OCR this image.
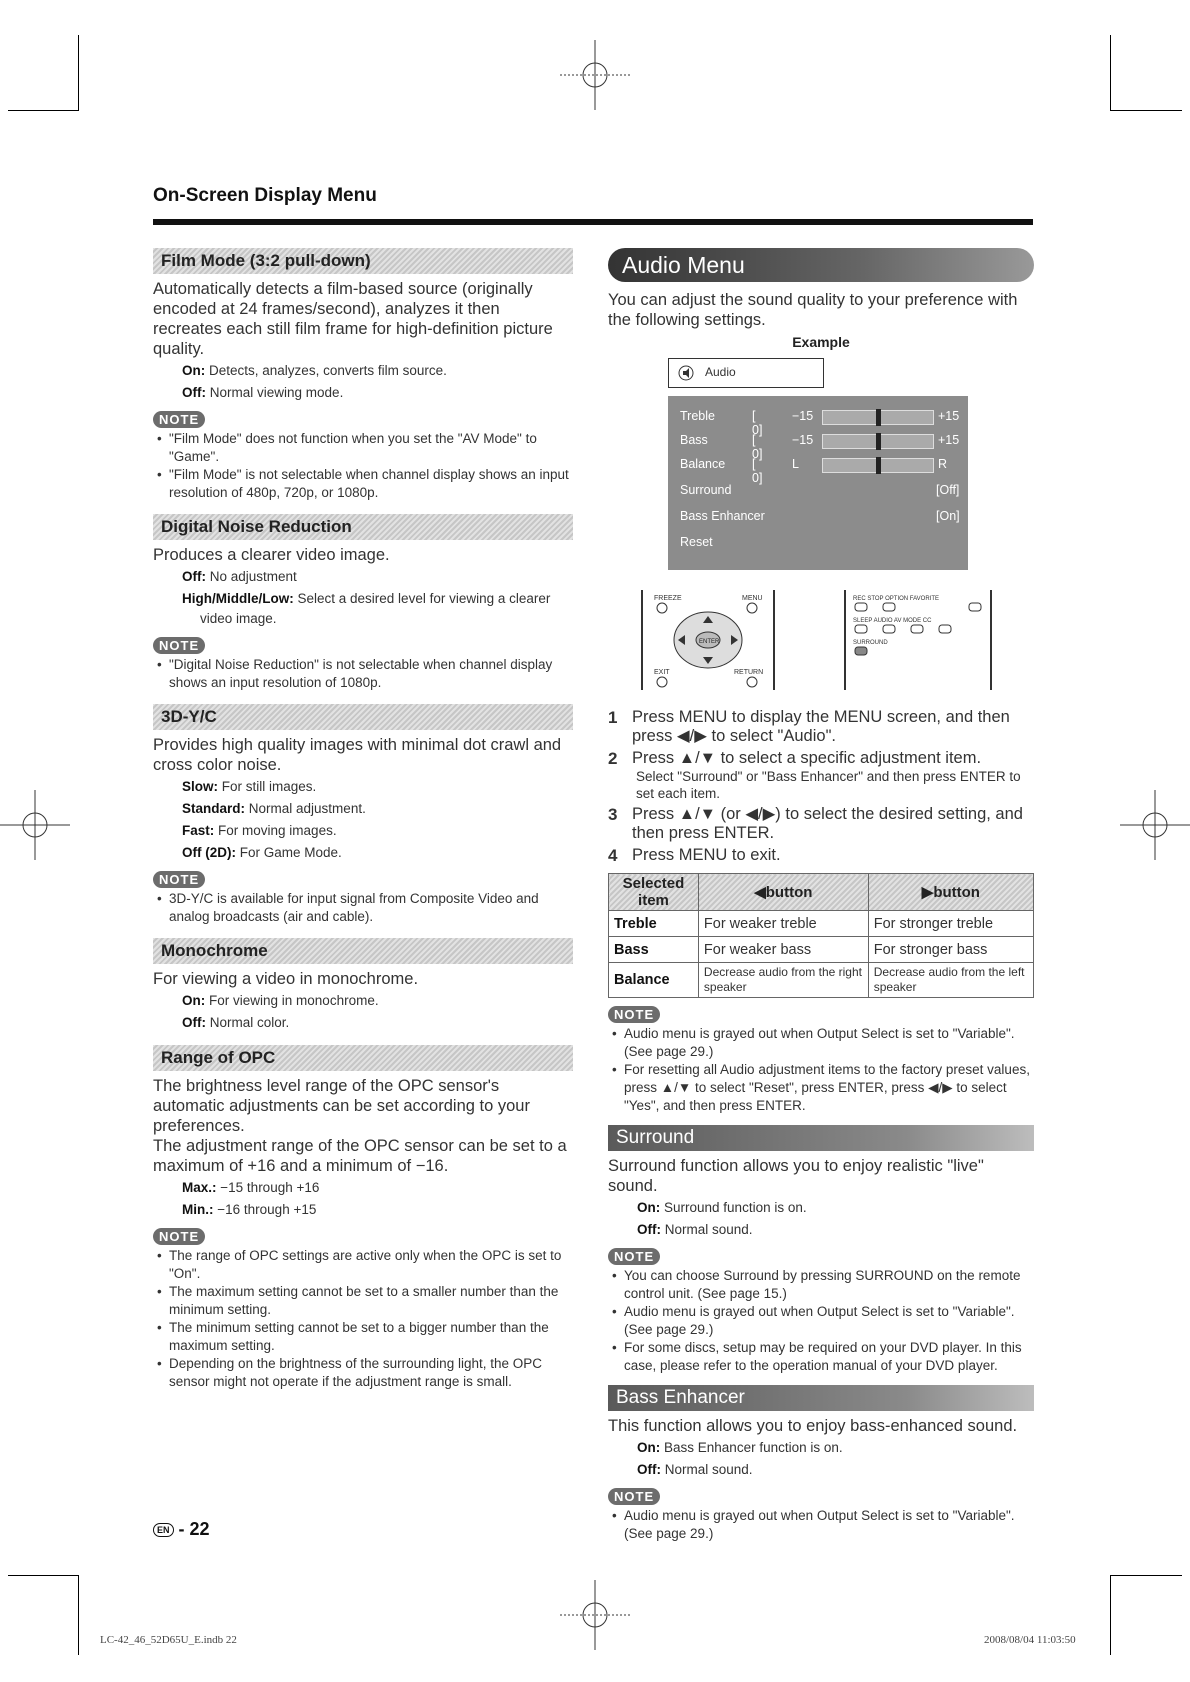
On-Screen Display Menu
Film Mode (3:2 pull-down)

Automatically detects a film-based source (originally encoded at 24 frames/second), analyzes it then recreates each still film frame for high-definition picture quality.

On: Detects, analyzes, converts film source.
Off: Normal viewing mode.
NOTE
• "Film Mode" does not function when you set the "AV Mode" to "Game".
• "Film Mode" is not selectable when channel display shows an input resolution of 480p, 720p, or 1080p.
Digital Noise Reduction

Produces a clearer video image.

Off: No adjustment
High/Middle/Low: Select a desired level for viewing a clearer video image.
NOTE
• "Digital Noise Reduction" is not selectable when channel display shows an input resolution of 1080p.
3D-Y/C

Provides high quality images with minimal dot crawl and cross color noise.

Slow: For still images.
Standard: Normal adjustment.
Fast: For moving images.
Off (2D): For Game Mode.
NOTE
• 3D-Y/C is available for input signal from Composite Video and analog broadcasts (air and cable).
Monochrome

For viewing a video in monochrome.

On: For viewing in monochrome.
Off: Normal color.
Range of OPC

The brightness level range of the OPC sensor's automatic adjustments can be set according to your preferences.

The adjustment range of the OPC sensor can be set to a maximum of +16 and a minimum of −16.

Max.: −15 through +16
Min.: −16 through +15
NOTE
• The range of OPC settings are active only when the OPC is set to "On".
• The maximum setting cannot be set to a smaller number than the minimum setting.
• The minimum setting cannot be set to a bigger number than the maximum setting.
• Depending on the brightness of the surrounding light, the OPC sensor might not operate if the adjustment range is small.
Audio Menu

You can adjust the sound quality to your preference with the following settings.

Example
Audio
Treble	[ 0]
−15	+15
Bass	[ 0]
−15	+15
Balance [ 0]
L	R
Surround	[Off]
Bass Enhancer	[On]
Reset
FREEZE	MENU
ENTER
EXIT	RETURN
REC STOP OPTION FAVORITE
SLEEP AUDIO AV MODE CC
SURROUND
1 Press MENU to display the MENU screen, and then press ◀/▶ to select "Audio".
2 Press ▲/▼ to select a specific adjustment item.
Select "Surround" or "Bass Enhancer" and then press ENTER to set each item.
3 Press ▲/▼ (or ◀/▶) to select the desired setting, and then press ENTER.
4 Press MENU to exit.
Selected item	◀button	▶button
Treble	For weaker treble	For stronger treble
Bass	For weaker bass	For stronger bass
Balance	Decrease audio from the right speaker	Decrease audio from the left speaker
NOTE
• Audio menu is grayed out when Output Select is set to "Variable". (See page 29.)
• For resetting all Audio adjustment items to the factory preset values, press ▲/▼ to select "Reset", press ENTER, press ◀/▶ to select "Yes", and then press ENTER.
Surround

Surround function allows you to enjoy realistic "live" sound.

On: Surround function is on.
Off: Normal sound.
NOTE
• You can choose Surround by pressing SURROUND on the remote control unit. (See page 15.)
• Audio menu is grayed out when Output Select is set to "Variable". (See page 29.)
• For some discs, setup may be required on your DVD player. In this case, please refer to the operation manual of your DVD player.
Bass Enhancer

This function allows you to enjoy bass-enhanced sound.

On: Bass Enhancer function is on.
Off: Normal sound.
NOTE
• Audio menu is grayed out when Output Select is set to "Variable". (See page 29.)
EN - 22
LC-42_46_52D65U_E.indb 22	2008/08/04 11:03:50
